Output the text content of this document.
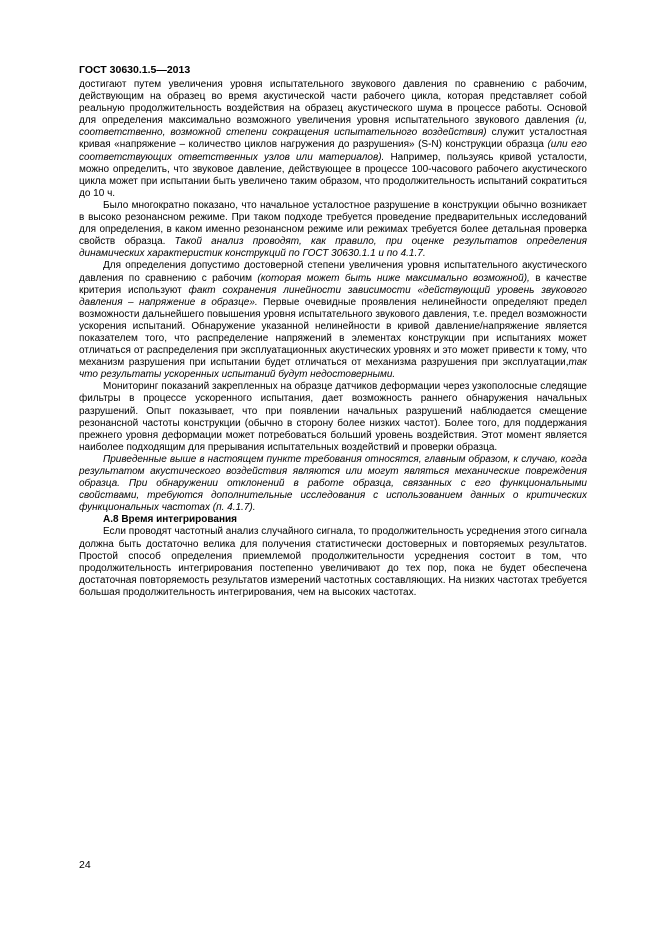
ГОСТ 30630.1.5—2013

достигают путем увеличения уровня испытательного звукового давления по сравнению с рабочим, действующим на образец во время акустической части рабочего цикла, которая представляет собой реальную продолжительность воздействия на образец акустического шума в процессе работы. Основой для определения максимально возможного увеличения уровня испытательного звукового давления (и, соответственно, возможной степени сокращения испытательного воздействия) служит усталостная кривая «напряжение – количество циклов нагружения до разрушения» (S-N) конструкции образца (или его соответствующих ответственных узлов или материалов). Например, пользуясь кривой усталости, можно определить, что звуковое давление, действующее в процессе 100-часового рабочего акустического цикла может при испытании быть увеличено таким образом, что продолжительность испытаний сократиться до 10 ч.

Было многократно показано, что начальное усталостное разрушение в конструкции обычно возникает в высоко резонансном режиме. При таком подходе требуется проведение предварительных исследований для определения, в каком именно резонансном режиме или режимах требуется более детальная проверка свойств образца. Такой анализ проводят, как правило, при оценке результатов определения динамических характеристик конструкций по ГОСТ 30630.1.1 и по 4.1.7.

Для определения допустимо достоверной степени увеличения уровня испытательного акустического давления по сравнению с рабочим (которая может быть ниже максимально возможной), в качестве критерия используют факт сохранения линейности зависимости «действующий уровень звукового давления – напряжение в образце». Первые очевидные проявления нелинейности определяют предел возможности дальнейшего повышения уровня испытательного звукового давления, т.е. предел возможности ускорения испытаний. Обнаружение указанной нелинейности в кривой давление/напряжение является показателем того, что распределение напряжений в элементах конструкции при испытаниях может отличаться от распределения при эксплуатационных акустических уровнях и это может привести к тому, что механизм разрушения при испытании будет отличаться от механизма разрушения при эксплуатации,так что результаты ускоренных испытаний будут недостоверными.

Мониторинг показаний закрепленных на образце датчиков деформации через узкополосные следящие фильтры в процессе ускоренного испытания, дает возможность раннего обнаружения начальных разрушений. Опыт показывает, что при появлении начальных разрушений наблюдается смещение резонансной частоты конструкции (обычно в сторону более низких частот). Более того, для поддержания прежнего уровня деформации может потребоваться больший уровень воздействия. Этот момент является наиболее подходящим для прерывания испытательных воздействий и проверки образца.

Приведенные выше в настоящем пункте требования относятся, главным образом, к случаю, когда результатом акустического воздействия являются или могут являться механические повреждения образца. При обнаружении отклонений в работе образца, связанных с его функциональными свойствами, требуются дополнительные исследования с использованием данных о критических функциональных частотах (п. 4.1.7).

А.8 Время интегрирования

Если проводят частотный анализ случайного сигнала, то продолжительность усреднения этого сигнала должна быть достаточно велика для получения статистически достоверных и повторяемых результатов. Простой способ определения приемлемой продолжительности усреднения состоит в том, что продолжительность интегрирования постепенно увеличивают до тех пор, пока не будет обеспечена достаточная повторяемость результатов измерений частотных составляющих. На низких частотах требуется большая продолжительность интегрирования, чем на высоких частотах.

24
